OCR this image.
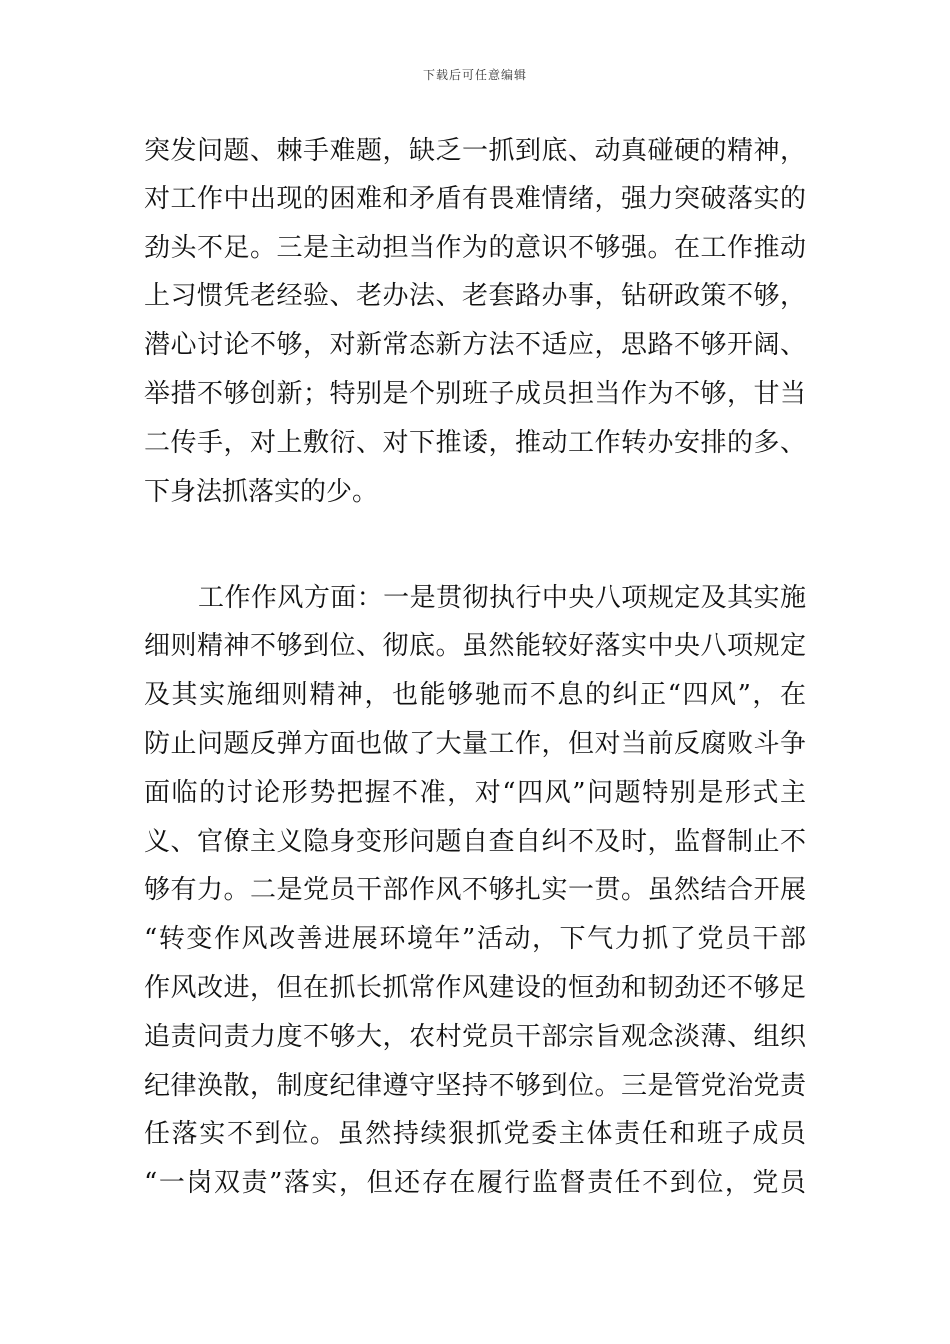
下载后可任意编辑
突发问题、棘手难题，缺乏一抓到底、动真碰硬的精神，
对工作中出现的困难和矛盾有畏难情绪，强力突破落实的
劲头不足。三是主动担当作为的意识不够强。在工作推动
上习惯凭老经验、老办法、老套路办事，钻研政策不够，
潜心讨论不够，对新常态新方法不适应，思路不够开阔、
举措不够创新；特别是个别班子成员担当作为不够，甘当
二传手，对上敷衍、对下推诿，推动工作转办安排的多、
下身法抓落实的少。
工作作风方面：一是贯彻执行中央八项规定及其实施
细则精神不够到位、彻底。虽然能较好落实中央八项规定
及其实施细则精神，也能够驰而不息的纠正“四风”，在
防止问题反弹方面也做了大量工作，但对当前反腐败斗争
面临的讨论形势把握不准，对“四风”问题特别是形式主
义、官僚主义隐身变形问题自查自纠不及时，监督制止不
够有力。二是党员干部作风不够扎实一贯。虽然结合开展
“转变作风改善进展环境年”活动，下气力抓了党员干部
作风改进，但在抓长抓常作风建设的恒劲和韧劲还不够足
追责问责力度不够大，农村党员干部宗旨观念淡薄、组织
纪律涣散，制度纪律遵守坚持不够到位。三是管党治党责
任落实不到位。虽然持续狠抓党委主体责任和班子成员
“一岗双责”落实，但还存在履行监督责任不到位，党员
